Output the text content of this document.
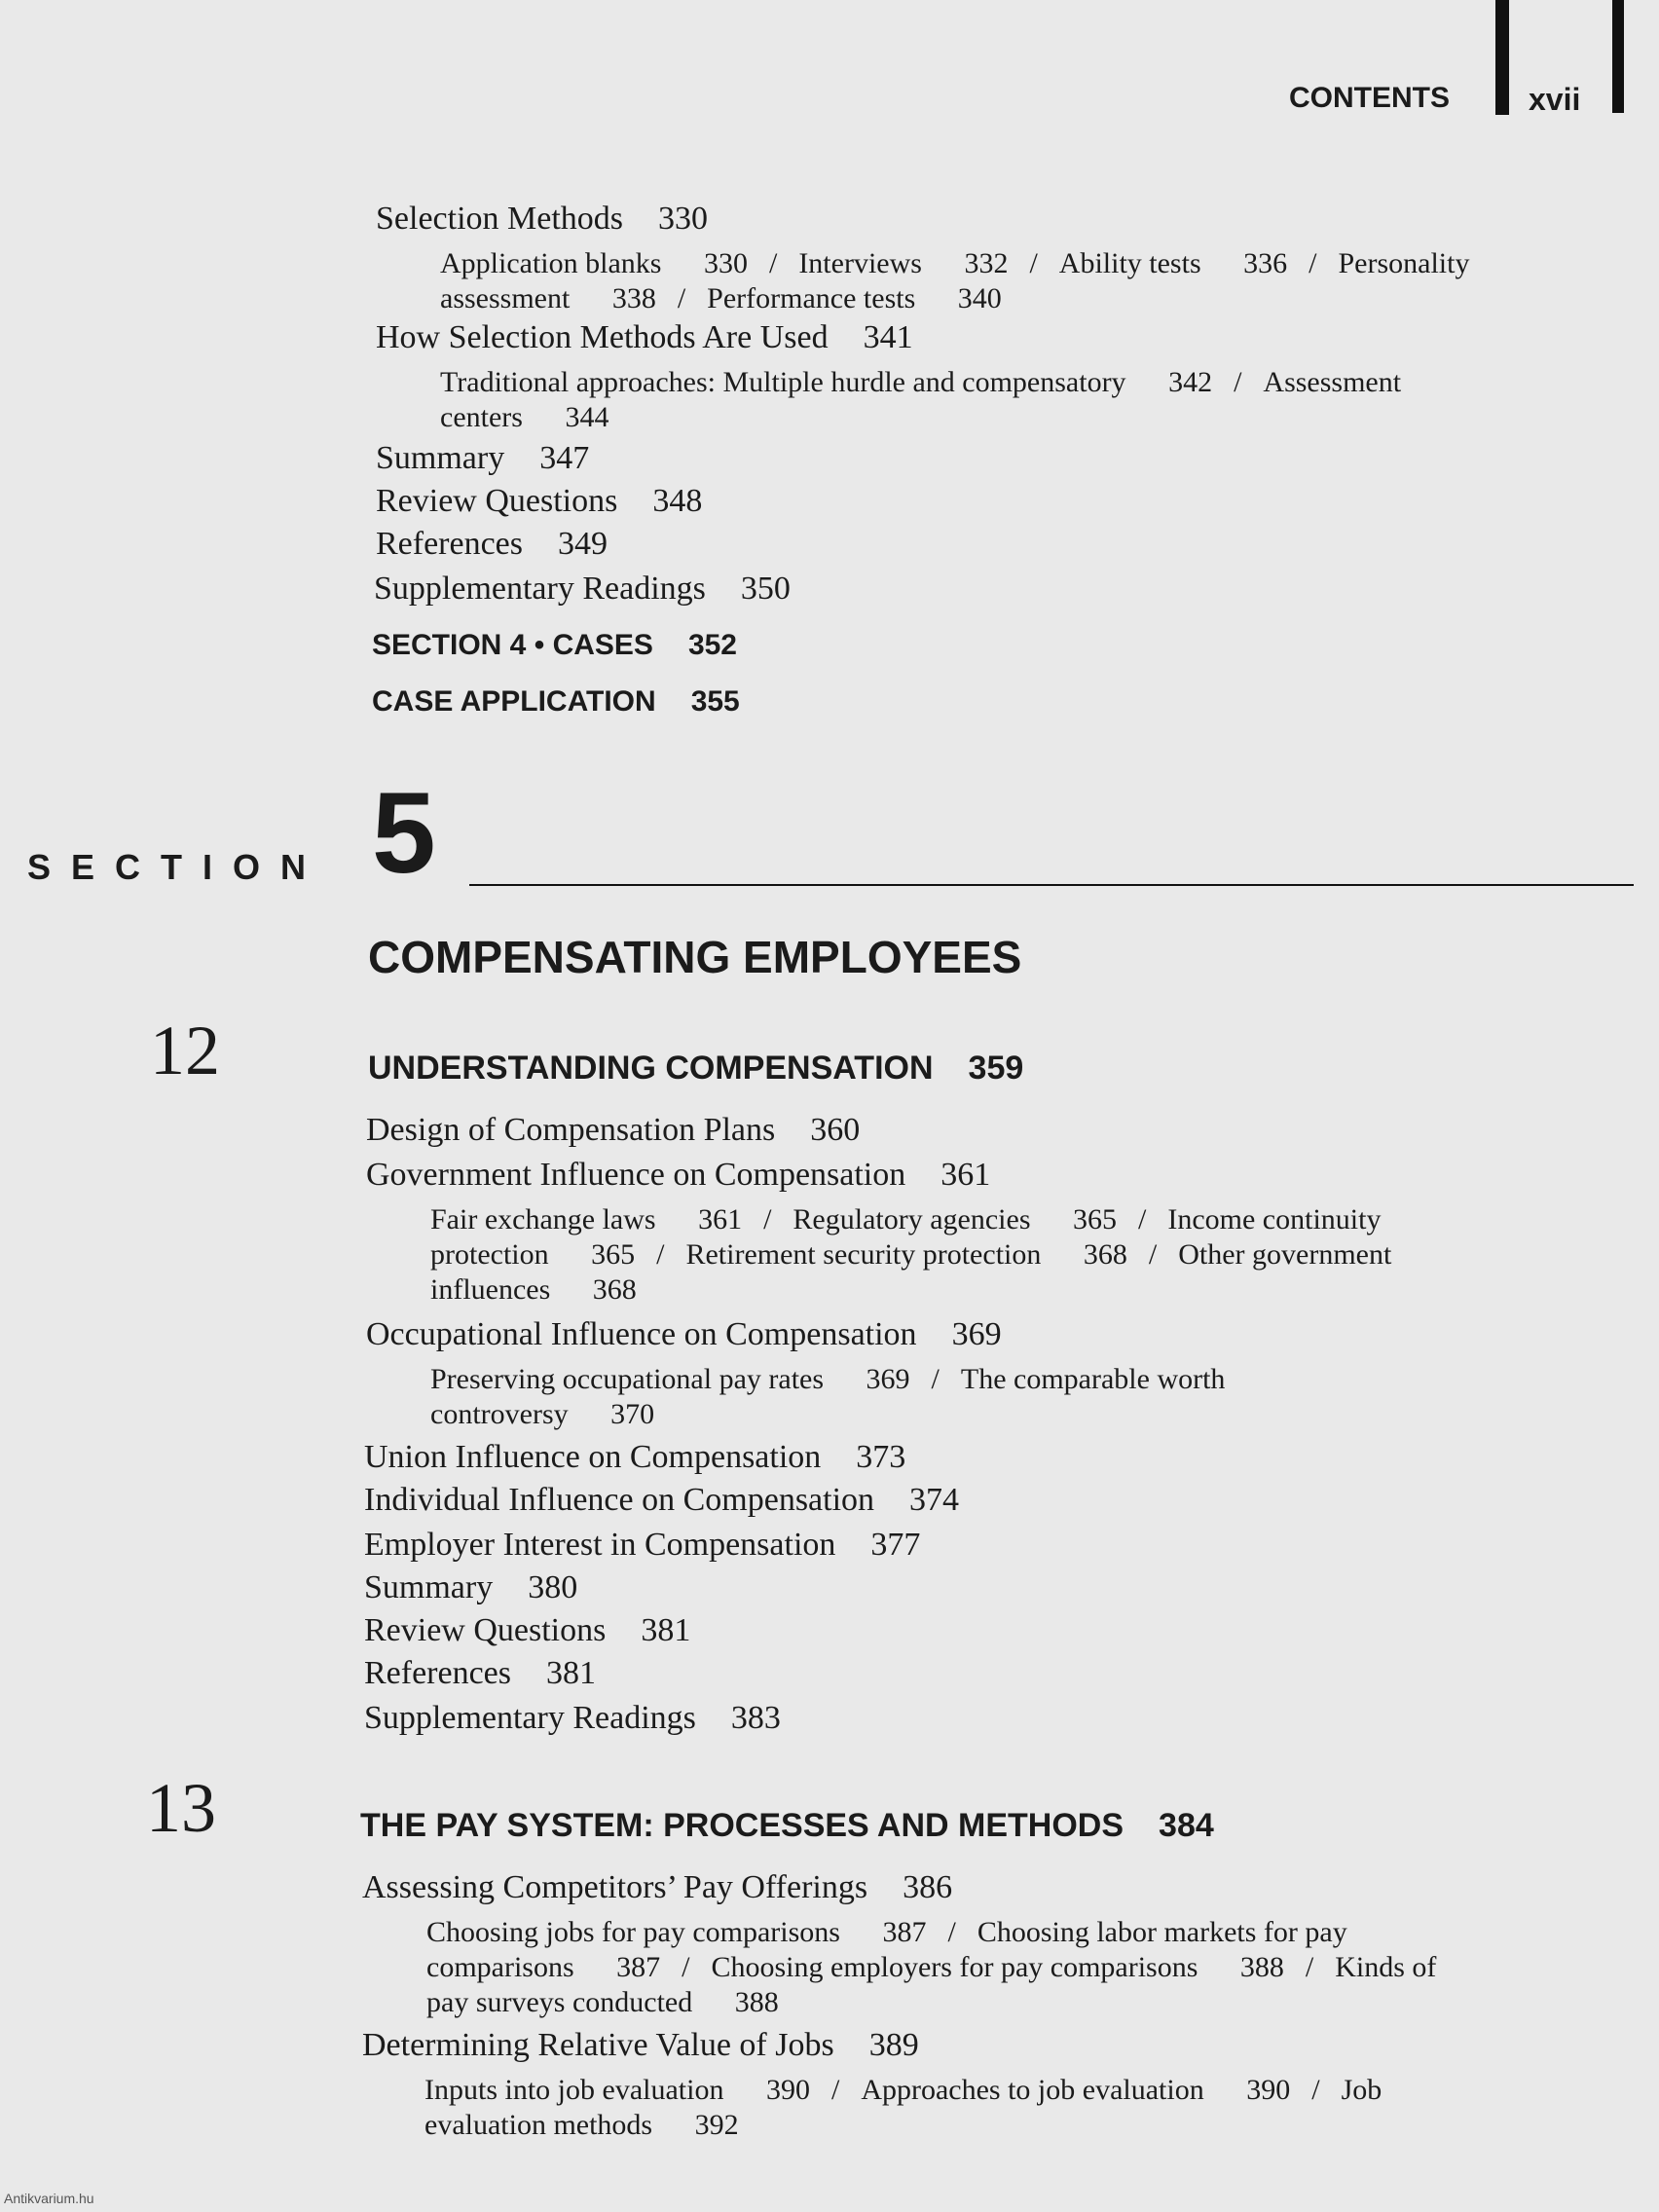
CONTENTS	xvii
Selection Methods 330
Application blanks 330 / Interviews 332 / Ability tests 336 / Personality
assessment 338 / Performance tests 340
How Selection Methods Are Used 341
Traditional approaches: Multiple hurdle and compensatory 342 / Assessment
centers 344
Summary 347
Review Questions 348
References 349
Supplementary Readings 350
SECTION 4 • CASES 352
CASE APPLICATION 355
SECTION 5
COMPENSATING EMPLOYEES
12	UNDERSTANDING COMPENSATION 359
Design of Compensation Plans 360
Government Influence on Compensation 361
Fair exchange laws 361 / Regulatory agencies 365 / Income continuity
protection 365 / Retirement security protection 368 / Other government
influences 368
Occupational Influence on Compensation 369
Preserving occupational pay rates 369 / The comparable worth
controversy 370
Union Influence on Compensation 373
Individual Influence on Compensation 374
Employer Interest in Compensation 377
Summary 380
Review Questions 381
References 381
Supplementary Readings 383
13	THE PAY SYSTEM: PROCESSES AND METHODS 384
Assessing Competitors’ Pay Offerings 386
Choosing jobs for pay comparisons 387 / Choosing labor markets for pay
comparisons 387 / Choosing employers for pay comparisons 388 / Kinds of
pay surveys conducted 388
Determining Relative Value of Jobs 389
Inputs into job evaluation 390 / Approaches to job evaluation 390 / Job
evaluation methods 392
Antikvarium.hu
